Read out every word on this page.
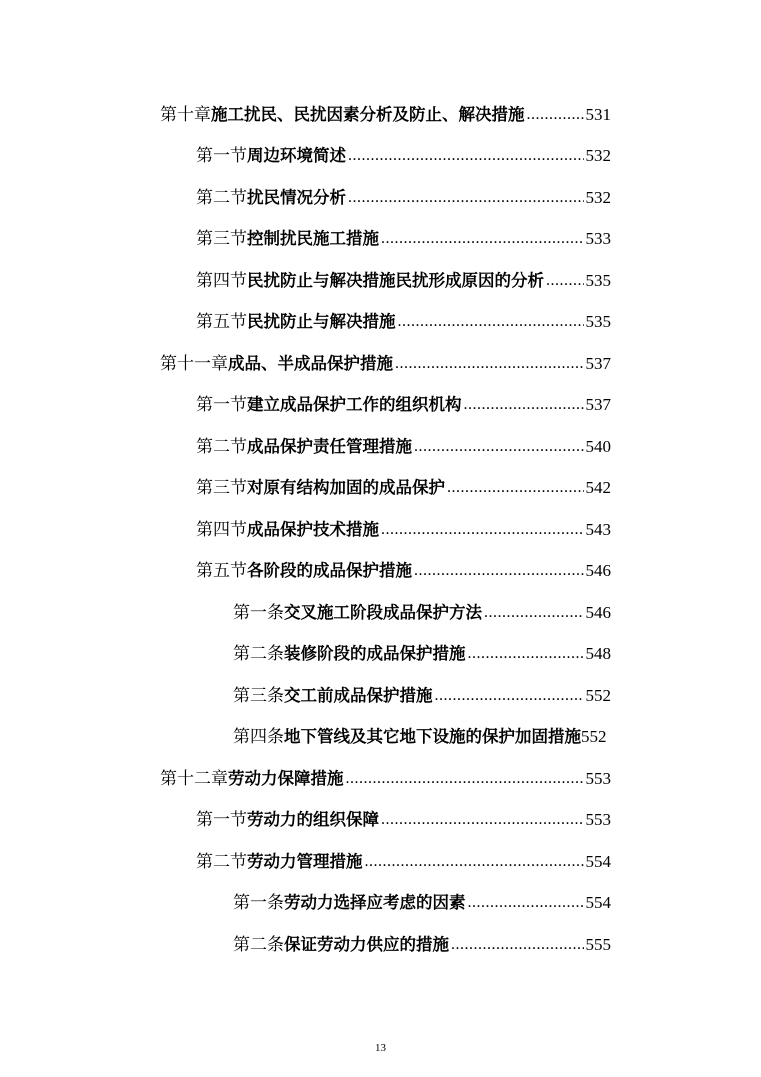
第十章 施工扰民、民扰因素分析及防止、解决措施 .....	531
第一节 周边环境简述 .....	532
第二节 扰民情况分析 .....	532
第三节 控制扰民施工措施 .....	533
第四节 民扰防止与解决措施民扰形成原因的分析 ..... 535
第五节 民扰防止与解决措施 .....	535
第十一章 成品、半成品保护措施 .....	537
第一节 建立成品保护工作的组织机构 .....	537
第二节 成品保护责任管理措施 .....	540
第三节 对原有结构加固的成品保护 .....	542
第四节 成品保护技术措施 .....	543
第五节 各阶段的成品保护措施 .....	546
第一条 交叉施工阶段成品保护方法 .....	546
第二条 装修阶段的成品保护措施 .....	548
第三条 交工前成品保护措施 .....	552
第四条 地下管线及其它地下设施的保护加固措施 552
第十二章 劳动力保障措施 .....	553
第一节 劳动力的组织保障 .....	553
第二节 劳动力管理措施 .....	554
第一条 劳动力选择应考虑的因素 .....	554
第二条 保证劳动力供应的措施 .....	555
13
